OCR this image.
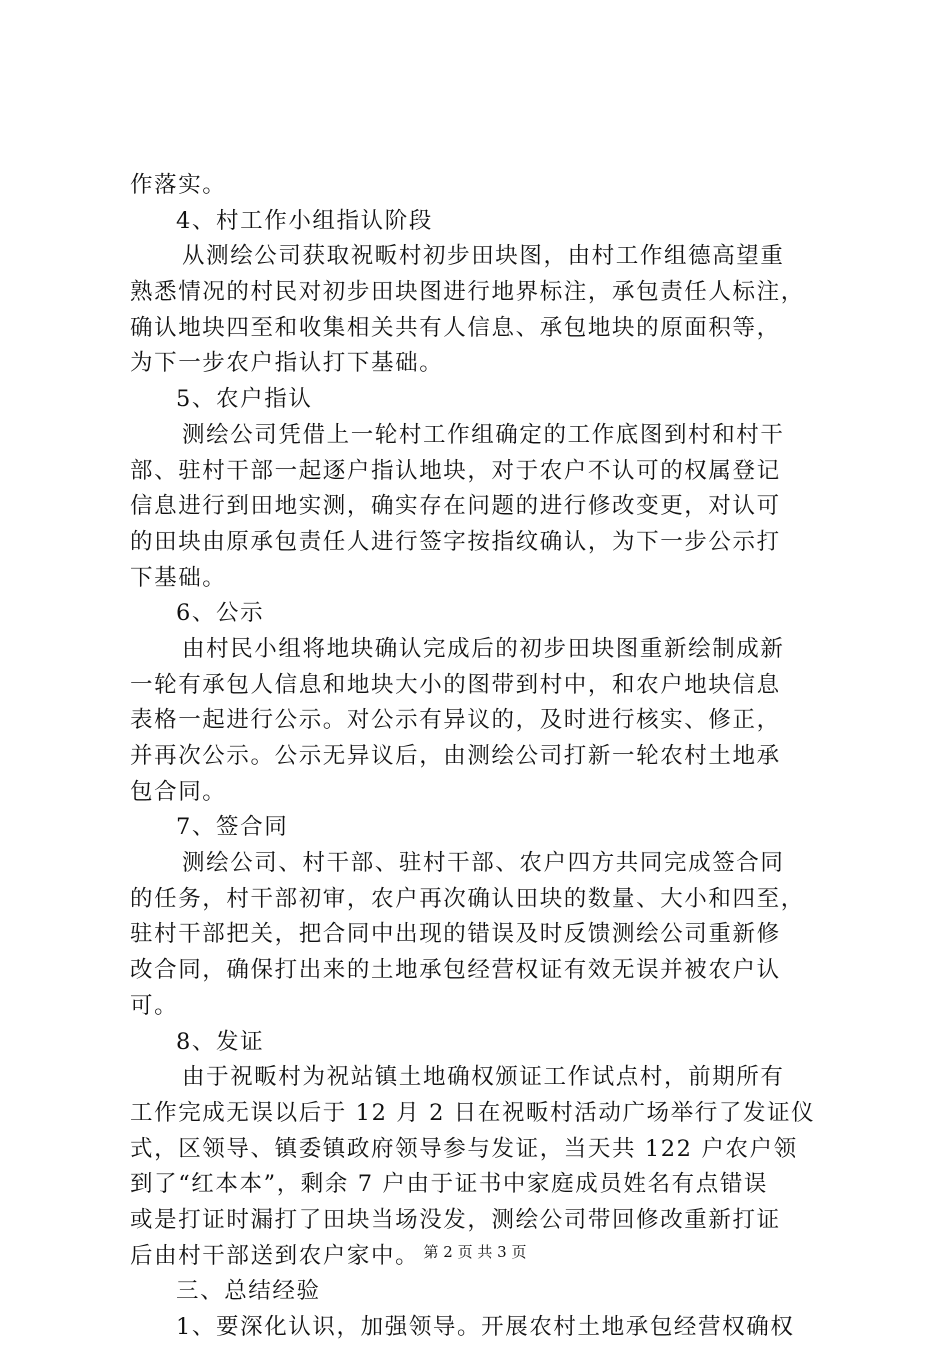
作落实。
4、村工作小组指认阶段
从测绘公司获取祝畈村初步田块图，由村工作组德高望重
熟悉情况的村民对初步田块图进行地界标注，承包责任人标注，
确认地块四至和收集相关共有人信息、承包地块的原面积等，
为下一步农户指认打下基础。
5、农户指认
测绘公司凭借上一轮村工作组确定的工作底图到村和村干
部、驻村干部一起逐户指认地块，对于农户不认可的权属登记
信息进行到田地实测，确实存在问题的进行修改变更，对认可
的田块由原承包责任人进行签字按指纹确认，为下一步公示打
下基础。
6、公示
由村民小组将地块确认完成后的初步田块图重新绘制成新
一轮有承包人信息和地块大小的图带到村中，和农户地块信息
表格一起进行公示。对公示有异议的，及时进行核实、修正，
并再次公示。公示无异议后，由测绘公司打新一轮农村土地承
包合同。
7、签合同
测绘公司、村干部、驻村干部、农户四方共同完成签合同
的任务，村干部初审，农户再次确认田块的数量、大小和四至，
驻村干部把关，把合同中出现的错误及时反馈测绘公司重新修
改合同，确保打出来的土地承包经营权证有效无误并被农户认
可。
8、发证
由于祝畈村为祝站镇土地确权颁证工作试点村，前期所有
工作完成无误以后于 12 月 2 日在祝畈村活动广场举行了发证仪
式，区领导、镇委镇政府领导参与发证，当天共 122 户农户领
到了“红本本”，剩余 7 户由于证书中家庭成员姓名有点错误
或是打证时漏打了田块当场没发，测绘公司带回修改重新打证
后由村干部送到农户家中。
三、总结经验
1、要深化认识，加强领导。开展农村土地承包经营权确权
第 2 页 共 3 页
